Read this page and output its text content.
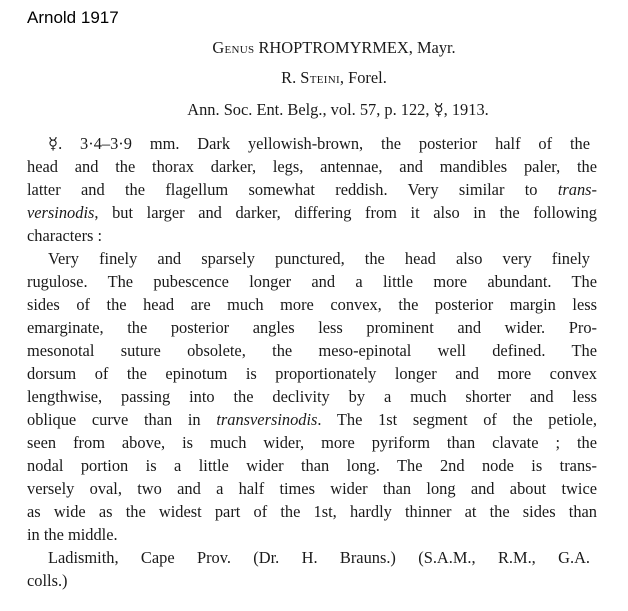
Arnold 1917
Genus RHOPTROMYRMEX, Mayr.
R. Steini, Forel.
Ann. Soc. Ent. Belg., vol. 57, p. 122, ☿, 1913.
☿. 3·4–3·9 mm. Dark yellowish-brown, the posterior half of the
head and the thorax darker, legs, antennae, and mandibles paler, the
latter and the flagellum somewhat reddish. Very similar to trans-
versinodis, but larger and darker, differing from it also in the following
characters :
Very finely and sparsely punctured, the head also very finely
rugulose. The pubescence longer and a little more abundant. The
sides of the head are much more convex, the posterior margin less
emarginate, the posterior angles less prominent and wider. Pro-
mesonotal suture obsolete, the meso-epinotal well defined. The
dorsum of the epinotum is proportionately longer and more convex
lengthwise, passing into the declivity by a much shorter and less
oblique curve than in transversinodis. The 1st segment of the petiole,
seen from above, is much wider, more pyriform than clavate ; the
nodal portion is a little wider than long. The 2nd node is trans-
versely oval, two and a half times wider than long and about twice
as wide as the widest part of the 1st, hardly thinner at the sides than
in the middle.
Ladismith, Cape Prov. (Dr. H. Brauns.) (S.A.M., R.M., G.A.
colls.)
